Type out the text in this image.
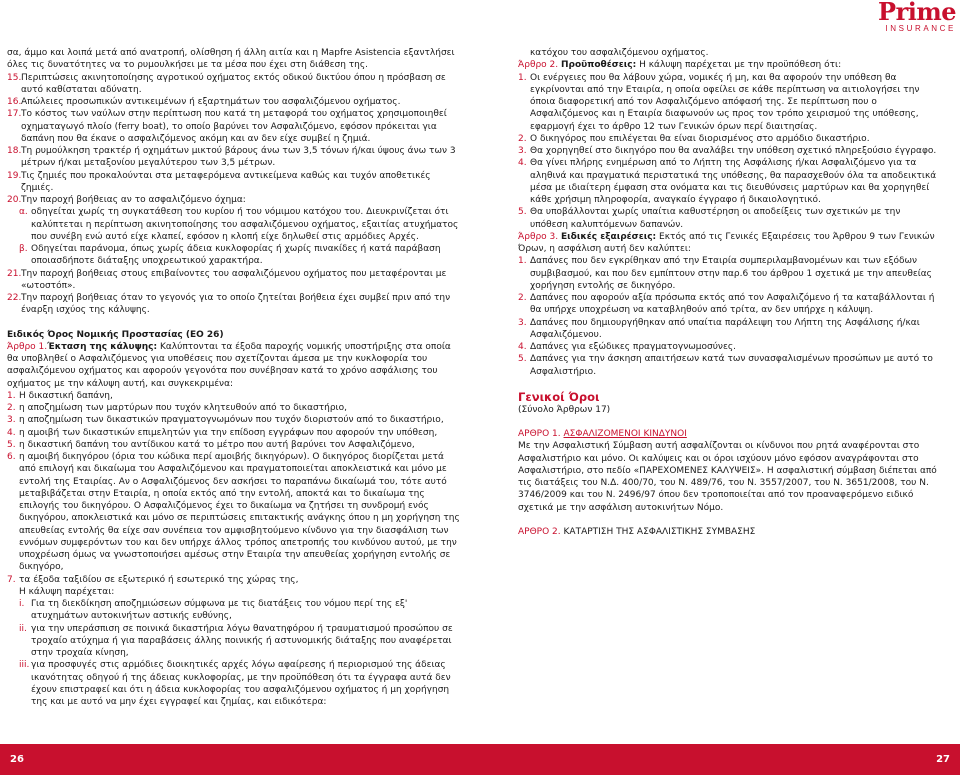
Prime
INSURANCE

σα, άμμο και λοιπά μετά από ανατροπή, ολίσθηση ή άλλη αιτία και η Mapfre Asistencia εξαντλήσει

όλες τις δυνατότητες να το ρυμουλκήσει με τα μέσα που έχει στη διάθεση της.

15. Περιπτώσεις ακινητοποίησης αγροτικού οχήματος εκτός οδικού δικτύου όπου η πρόσβαση σε αυτό καθίσταται αδύνατη.
16. Απώλειες προσωπικών αντικειμένων ή εξαρτημάτων του ασφαλιζόμενου οχήματος.
17. Το κόστος των ναύλων στην περίπτωση που κατά τη μεταφορά του οχήματος χρησιμοποιηθεί οχηματαγωγό πλοίο (ferry boat), το οποίο βαρύνει τον Ασφαλιζόμενο, εφόσον πρόκειται για δαπάνη που θα έκανε ο ασφαλιζόμενος ακόμη και αν δεν είχε συμβεί η ζημιά.
18. Τη ρυμούλκηση τρακτέρ ή οχημάτων μικτού βάρους άνω των 3,5 τόνων ή/και ύψους άνω των 3 μέτρων ή/και μεταξονίου μεγαλύτερου των 3,5 μέτρων.
19. Τις ζημιές που προκαλούνται στα μεταφερόμενα αντικείμενα καθώς και τυχόν αποθετικές ζημιές.
20. Την παροχή βοήθειας αν το ασφαλιζόμενο όχημα:
α. οδηγείται χωρίς τη συγκατάθεση του κυρίου ή του νόμιμου κατόχου του. Διευκρινίζεται ότι καλύπτεται η περίπτωση ακινητοποίησης του ασφαλιζόμενου οχήματος, εξαιτίας ατυχήματος που συνέβη ενώ αυτό είχε κλαπεί, εφόσον η κλοπή είχε δηλωθεί στις αρμόδιες Αρχές.
β. Οδηγείται παράνομα, όπως χωρίς άδεια κυκλοφορίας ή χωρίς πινακίδες ή κατά παράβαση οποιασδήποτε διάταξης υποχρεωτικού χαρακτήρα.
21. Την παροχή βοήθειας στους επιβαίνοντες του ασφαλιζόμενου οχήματος που μεταφέρονται με «ωτοστόπ».
22. Την παροχή βοήθειας όταν το γεγονός για το οποίο ζητείται βοήθεια έχει συμβεί πριν από την έναρξη ισχύος της κάλυψης.

Ειδικός Όρος Νομικής Προστασίας (ΕΟ 26)

Άρθρο 1.Έκταση της κάλυψης: Καλύπτονται τα έξοδα παροχής νομικής υποστήριξης στα οποία θα υποβληθεί ο Ασφαλιζόμενος για υποθέσεις που σχετίζονται άμεσα με την κυκλοφορία του ασφαλιζόμενου οχήματος και αφορούν γεγονότα που συνέβησαν κατά το χρόνο ασφάλισης του οχήματος με την κάλυψη αυτή, και συγκεκριμένα:

1. Η δικαστική δαπάνη,
2. η αποζημίωση των μαρτύρων που τυχόν κλητευθούν από το δικαστήριο,
3. η αποζημίωση των δικαστικών πραγματογνωμόνων που τυχόν διοριστούν από το δικαστήριο,
4. η αμοιβή των δικαστικών επιμελητών για την επίδοση εγγράφων που αφορούν την υπόθεση,
5. η δικαστική δαπάνη του αντίδικου κατά το μέτρο που αυτή βαρύνει τον Ασφαλιζόμενο,
6. η αμοιβή δικηγόρου (όρια του κώδικα περί αμοιβής δικηγόρων). Ο δικηγόρος διορίζεται μετά από επιλογή και δικαίωμα του Ασφαλιζόμενου και πραγματοποιείται αποκλειστικά και μόνο με εντολή της Εταιρίας. Αν ο Ασφαλιζόμενος δεν ασκήσει το παραπάνω δικαίωμά του, τότε αυτό μεταβιβάζεται στην Εταιρία, η οποία εκτός από την εντολή, αποκτά και το δικαίωμα της επιλογής του δικηγόρου. Ο Ασφαλιζόμενος έχει το δικαίωμα να ζητήσει τη συνδρομή ενός δικηγόρου, αποκλειστικά και μόνο σε περιπτώσεις επιτακτικής ανάγκης όπου η μη χορήγηση της απευθείας εντολής θα είχε σαν συνέπεια τον αμφισβητούμενο κίνδυνο για την διασφάλιση των εννόμων συμφερόντων του και δεν υπήρχε άλλος τρόπος απετροπής του κινδύνου αυτού, με την υποχρέωση όμως να γνωστοποιήσει αμέσως στην Εταιρία την απευθείας χορήγηση εντολής σε δικηγόρο,
7. τα έξοδα ταξιδίου σε εξωτερικό ή εσωτερικό της χώρας της,
Η κάλυψη παρέχεται:
i. Για τη διεκδίκηση αποζημιώσεων σύμφωνα με τις διατάξεις του νόμου περί της εξ' ατυχημάτων αυτοκινήτων αστικής ευθύνης,
ii. για την υπεράσπιση σε ποινικά δικαστήρια λόγω θανατηφόρου ή τραυματισμού προσώπου σε τροχαίο ατύχημα ή για παραβάσεις άλλης ποινικής ή αστυνομικής διάταξης που αναφέρεται στην τροχαία κίνηση,
iii. για προσφυγές στις αρμόδιες διοικητικές αρχές λόγω αφαίρεσης ή περιορισμού της άδειας ικανότητας οδηγού ή της άδειας κυκλοφορίας, με την προϋπόθεση ότι τα έγγραφα αυτά δεν έχουν επιστραφεί και ότι η άδεια κυκλοφορίας του ασφαλιζόμενου οχήματος ή μη χορήγηση της και με αυτό να μην έχει εγγραφεί και ζημίας, και ειδικότερα:
κατόχου του ασφαλιζόμενου οχήματος.

Άρθρο 2. Προϋποθέσεις: Η κάλυψη παρέχεται με την προϋπόθεση ότι:

1. Οι ενέργειες που θα λάβουν χώρα, νομικές ή μη, και θα αφορούν την υπόθεση θα εγκρίνονται από την Εταιρία, η οποία οφείλει σε κάθε περίπτωση να αιτιολογήσει την όποια διαφορετική από τον Ασφαλιζόμενο απόφασή της. Σε περίπτωση που ο Ασφαλιζόμενος και η Εταιρία διαφωνούν ως προς τον τρόπο χειρισμού της υπόθεσης, εφαρμογή έχει το άρθρο 12 των Γενικών όρων περί διαιτησίας.
2. Ο δικηγόρος που επιλέγεται θα είναι διορισμένος στο αρμόδιο δικαστήριο.
3. Θα χορηγηθεί στο δικηγόρο που θα αναλάβει την υπόθεση σχετικό πληρεξούσιο έγγραφο.
4. Θα γίνει πλήρης ενημέρωση από το Λήπτη της Ασφάλισης ή/και Ασφαλιζόμενο για τα αληθινά και πραγματικά περιστατικά της υπόθεσης, θα παρασχεθούν όλα τα αποδεικτικά μέσα με ιδιαίτερη έμφαση στα ονόματα και τις διευθύνσεις μαρτύρων και θα χορηγηθεί κάθε χρήσιμη πληροφορία, αναγκαίο έγγραφο ή δικαιολογητικό.
5. Θα υποβάλλονται χωρίς υπαίτια καθυστέρηση οι αποδείξεις των σχετικών με την υπόθεση καλυπτόμενων δαπανών.

Άρθρο 3. Ειδικές εξαιρέσεις: Εκτός από τις Γενικές Εξαιρέσεις του Άρθρου 9 των Γενικών Όρων, η ασφάλιση αυτή δεν καλύπτει:

1. Δαπάνες που δεν εγκρίθηκαν από την Εταιρία συμπεριλαμβανομένων και των εξόδων συμβιβασμού, και που δεν εμπίπτουν στην παρ.6 του άρθρου 1 σχετικά με την απευθείας χορήγηση εντολής σε δικηγόρο.
2. Δαπάνες που αφορούν αξία πρόσωπα εκτός από τον Ασφαλιζόμενο ή τα καταβάλλονται ή θα υπήρχε υποχρέωση να καταβληθούν από τρίτα, αν δεν υπήρχε η κάλυψη.
3. Δαπάνες που δημιουργήθηκαν από υπαίτια παράλειψη του Λήπτη της Ασφάλισης ή/και Ασφαλιζόμενου.
4. Δαπάνες για εξώδικες πραγματογνωμοσύνες.
5. Δαπάνες για την άσκηση απαιτήσεων κατά των συνασφαλισμένων προσώπων με αυτό το Ασφαλιστήριο.
Γενικοί Όροι

(Σύνολο Άρθρων 17)

ΑΡΘΡΟ 1. ΑΣΦΑΛΙΖΟΜΕΝΟΙ ΚΙΝΔΥΝΟΙ

Με την Ασφαλιστική Σύμβαση αυτή ασφαλίζονται οι κίνδυνοι που ρητά αναφέρονται στο Ασφαλιστήριο και μόνο. Οι καλύψεις και οι όροι ισχύουν μόνο εφόσον αναγράφονται στο Ασφαλιστήριο, στο πεδίο «ΠΑΡΕΧΟΜΕΝΕΣ ΚΑΛΥΨΕΙΣ». Η ασφαλιστική σύμβαση διέπεται από τις διατάξεις του Ν.Δ. 400/70, του Ν. 489/76, του Ν. 3557/2007, του Ν. 3651/2008, του Ν. 3746/2009 και του Ν. 2496/97 όπου δεν τροποποιείται από τον προαναφερόμενο ειδικό σχετικά με την ασφάλιση αυτοκινήτων Νόμο.

ΑΡΘΡΟ 2. ΚΑΤΑΡΤΙΣΗ ΤΗΣ ΑΣΦΑΛΙΣΤΙΚΗΣ ΣΥΜΒΑΣΗΣ

26	27
